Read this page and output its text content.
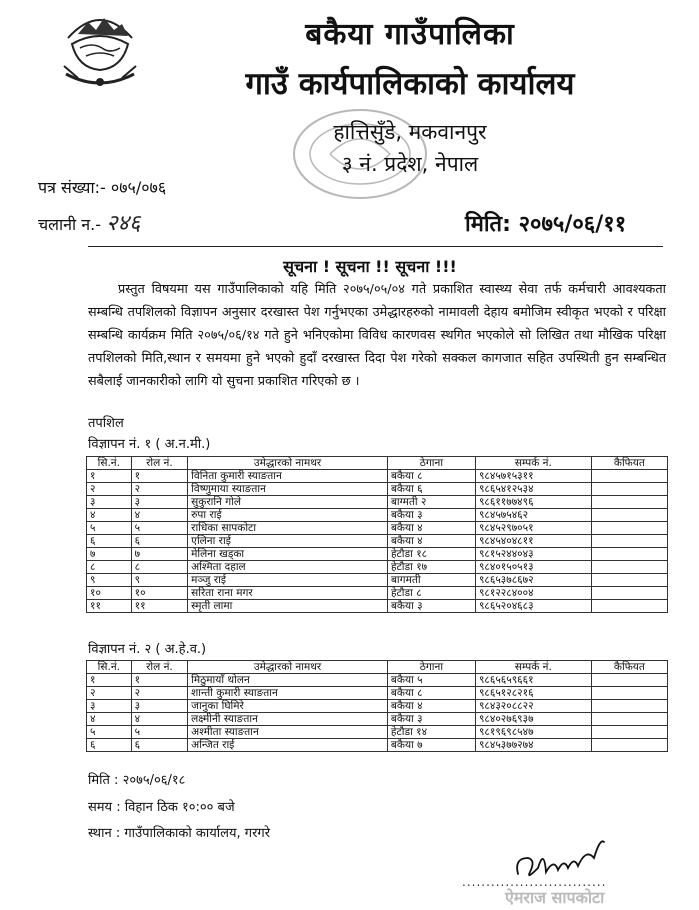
बकैया गाउँपालिका
गाउँ कार्यपालिकाको कार्यालय
हात्तिसुँडे, मकवानपुर
३ नं. प्रदेश, नेपाल
पत्र संख्या:- ०७५/०७६
चलानी न.- २४६	मिति: २०७५/०६/११
सूचना ! सूचना !! सूचना !!!
प्रस्तुत विषयमा यस गाउँपालिकाको यहि मिति २०७५/०५/०४ गते प्रकाशित स्वास्थ्य सेवा तर्फ कर्मचारी आवश्यकता सम्बन्धि तपशिलको विज्ञापन अनुसार दरखास्त पेश गर्नुभएका उमेद्धारहरुको नामावली देहाय बमोजिम स्वीकृत भएको र परिक्षा सम्बन्धि कार्यक्रम मिति २०७५/०६/१४ गते हुने भनिएकोमा विविध कारणवस स्थगित भएकोले सो लिखित तथा मौखिक परिक्षा तपशिलको मिति,स्थान र समयमा हुने भएको हुदाँ दरखास्त दिदा पेश गरेको सक्कल कागजात सहित उपस्थिती हुन सम्बन्धित सबैलाई जानकारीको लागि यो सुचना प्रकाशित गरिएको छ ।
तपशिल
विज्ञापन नं. १ ( अ.न.मी.)
सि.नं.	रोल नं.	उमेद्धारको नामथर	ठेगाना	सम्पर्क नं.	कैफियत
१	१	विनिता कुमारी स्याङतान	बकैया ८	९८४५७१५३११	
२	२	विष्णुमाया स्याङतान	बकैया ६	९८६५४१२५३४	
३	३	सुकुरानि गोले	बाग्मती २	९८६११७७४९६	
४	४	रुपा राई	बकैया ३	९८४५७५४६२	
५	५	राधिका सापकोटा	बकैया ४	९८४५२९७०५१	
६	६	एलिना राई	बकैया ४	९८४५४०४८११	
७	७	मेलिना खड्का	हेटौडा १८	९८१५२४४०४३	
८	८	अश्मिता दहाल	हेटौडा १७	९८४०१५०५१३	
९	९	मञ्जु राई	बागमती	९८६५३७८६७२	
१०	१०	सरिता राना मगर	हेटौडा ८	९८१२२८४००४	
११	११	स्मृती लामा	बकैया ३	९८६५२०४६८३	
विज्ञापन नं. २ ( अ.हे.व.)
सि.नं.	रोल नं.	उमेद्धारको नामथर	ठेगाना	सम्पर्क नं.	कैफियत
१	१	मिठुमायाँ थोलन	बकैया ५	९८६५६५९६६१	
२	२	शान्ती कुमारी स्याङतान	बकैया ८	९८६५१२८२१६	
३	३	जानुका घिमिरे	बकैया ४	९८४३२०८८२२	
४	४	लक्ष्मीनी स्याङतान	बकैया ३	९८४०२७६९३७	
५	५	अश्मीता स्याङतान	हेटौडा १४	९८१९६९८५४७	
६	६	अन्जित राई	बकैया ७	९८४५३७७२७४	
मिति : २०७५/०६/१८
समय : विहान ठिक १०:०० बजे
स्थान : गाउँपालिकाको कार्यालय, गरगरे
..............................
ऐमराज सापकोटा
